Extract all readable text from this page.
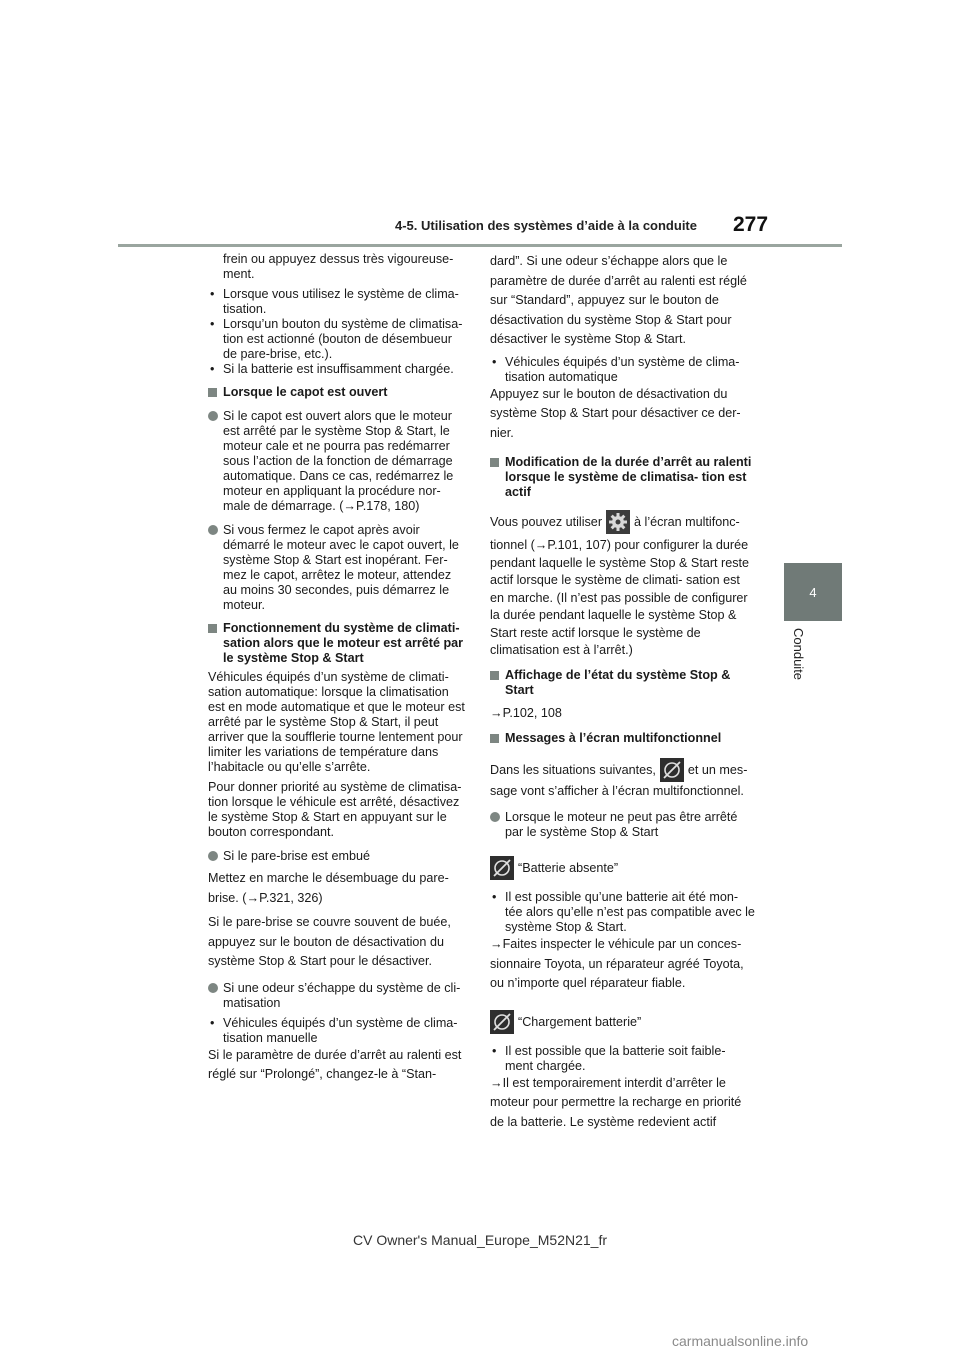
4-5. Utilisation des systèmes d’aide à la conduite 277
4
Conduite
frein ou appuyez dessus très vigoureuse-
ment.
• Lorsque vous utilisez le système de clima- tisation.
• Lorsqu’un bouton du système de climatisa- tion est actionné (bouton de désembueur de pare-brise, etc.).
• Si la batterie est insuffisamment chargée.
Lorsque le capot est ouvert
Si le capot est ouvert alors que le moteur est arrêté par le système Stop & Start, le moteur cale et ne pourra pas redémarrer sous l’action de la fonction de démarrage automatique. Dans ce cas, redémarrez le moteur en appliquant la procédure nor- male de démarrage. (→P.178, 180)
Si vous fermez le capot après avoir démarré le moteur avec le capot ouvert, le système Stop & Start est inopérant. Fer- mez le capot, arrêtez le moteur, attendez au moins 30 secondes, puis démarrez le moteur.
Fonctionnement du système de climati- sation alors que le moteur est arrêté par le système Stop & Start
Véhicules équipés d’un système de climati- sation automatique: lorsque la climatisation est en mode automatique et que le moteur est arrêté par le système Stop & Start, il peut arriver que la soufflerie tourne lentement pour limiter les variations de température dans l’habitacle ou qu’elle s’arrête.
Pour donner priorité au système de climatisa- tion lorsque le véhicule est arrêté, désactivez le système Stop & Start en appuyant sur le bouton correspondant.
Si le pare-brise est embué
Mettez en marche le désembuage du pare- brise. (→P.321, 326)
Si le pare-brise se couvre souvent de buée, appuyez sur le bouton de désactivation du système Stop & Start pour le désactiver.
Si une odeur s’échappe du système de cli- matisation
• Véhicules équipés d’un système de clima- tisation manuelle
Si le paramètre de durée d’arrêt au ralenti est réglé sur “Prolongé”, changez-le à “Stan-
dard”. Si une odeur s’échappe alors que le paramètre de durée d’arrêt au ralenti est réglé sur “Standard”, appuyez sur le bouton de désactivation du système Stop & Start pour désactiver le système Stop & Start.
• Véhicules équipés d’un système de clima- tisation automatique
Appuyez sur le bouton de désactivation du système Stop & Start pour désactiver ce der- nier.
Modification de la durée d’arrêt au ralenti lorsque le système de climatisa- tion est actif
Vous pouvez utiliser	à l’écran multifonc-
tionnel (→P.101, 107) pour configurer la durée pendant laquelle le système Stop & Start reste actif lorsque le système de climati- sation est en marche. (Il n’est pas possible de configurer la durée pendant laquelle le système Stop & Start reste actif lorsque le système de climatisation est à l’arrêt.)
Affichage de l’état du système Stop & Start
→P.102, 108
Messages à l’écran multifonctionnel
Dans les situations suivantes,	et un mes-
sage vont s’afficher à l’écran multifonctionnel.
Lorsque le moteur ne peut pas être arrêté par le système Stop & Start
“Batterie absente”
• Il est possible qu’une batterie ait été mon- tée alors qu’elle n’est pas compatible avec le système Stop & Start.
→Faites inspecter le véhicule par un conces- sionnaire Toyota, un réparateur agréé Toyota, ou n’importe quel réparateur fiable.
“Chargement batterie”
• Il est possible que la batterie soit faible- ment chargée.
→Il est temporairement interdit d’arrêter le moteur pour permettre la recharge en priorité de la batterie. Le système redevient actif
CV Owner's Manual_Europe_M52N21_fr
carmanualsonline.info
